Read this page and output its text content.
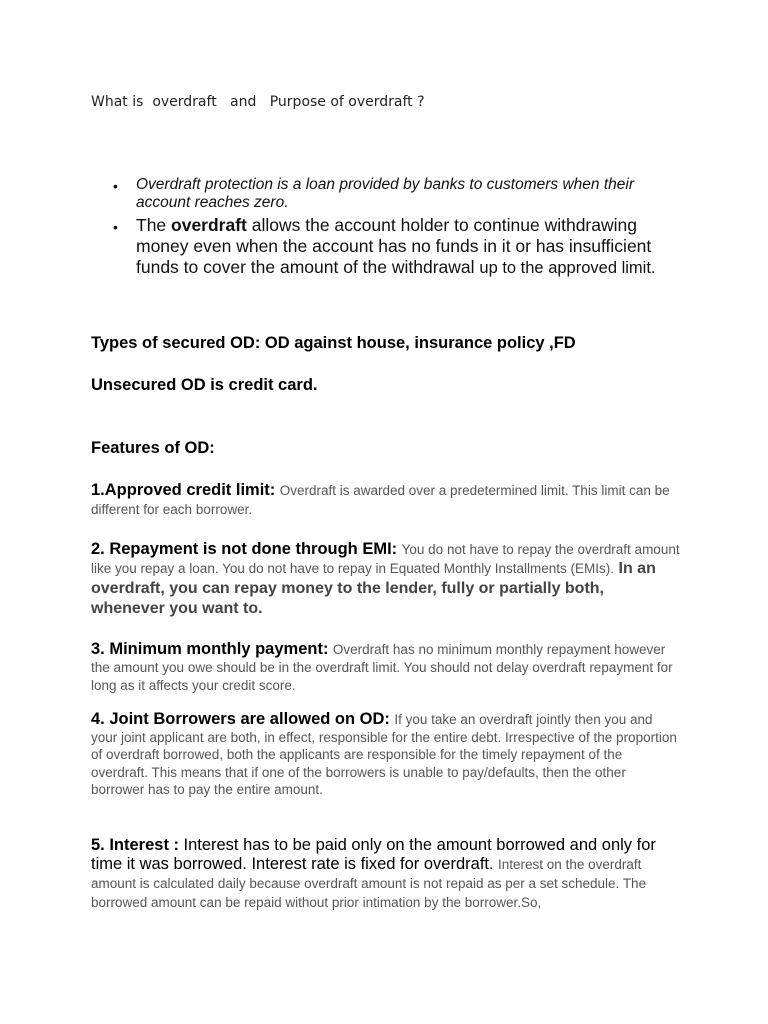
What is  overdraft   and   Purpose of overdraft ?
• Overdraft protection is a loan provided by banks to customers when their account reaches zero.
• The overdraft allows the account holder to continue withdrawing money even when the account has no funds in it or has insufficient funds to cover the amount of the withdrawal up to the approved limit.
Types of secured OD: OD against house, insurance policy ,FD
Unsecured OD is credit card.
Features of OD:
1.Approved credit limit: Overdraft is awarded over a predetermined limit. This limit can be different for each borrower.
2. Repayment is not done through EMI: You do not have to repay the overdraft amount like you repay a loan. You do not have to repay in Equated Monthly Installments (EMIs). In an overdraft, you can repay money to the lender, fully or partially both, whenever you want to.
3. Minimum monthly payment: Overdraft has no minimum monthly repayment however the amount you owe should be in the overdraft limit. You should not delay overdraft repayment for long as it affects your credit score.
4. Joint Borrowers are allowed on OD: If you take an overdraft jointly then you and your joint applicant are both, in effect, responsible for the entire debt. Irrespective of the proportion of overdraft borrowed, both the applicants are responsible for the timely repayment of the overdraft. This means that if one of the borrowers is unable to pay/defaults, then the other borrower has to pay the entire amount.
5. Interest : Interest has to be paid only on the amount borrowed and only for time it was borrowed. Interest rate is fixed for overdraft. Interest on the overdraft amount is calculated daily because overdraft amount is not repaid as per a set schedule. The borrowed amount can be repaid without prior intimation by the borrower.So,
